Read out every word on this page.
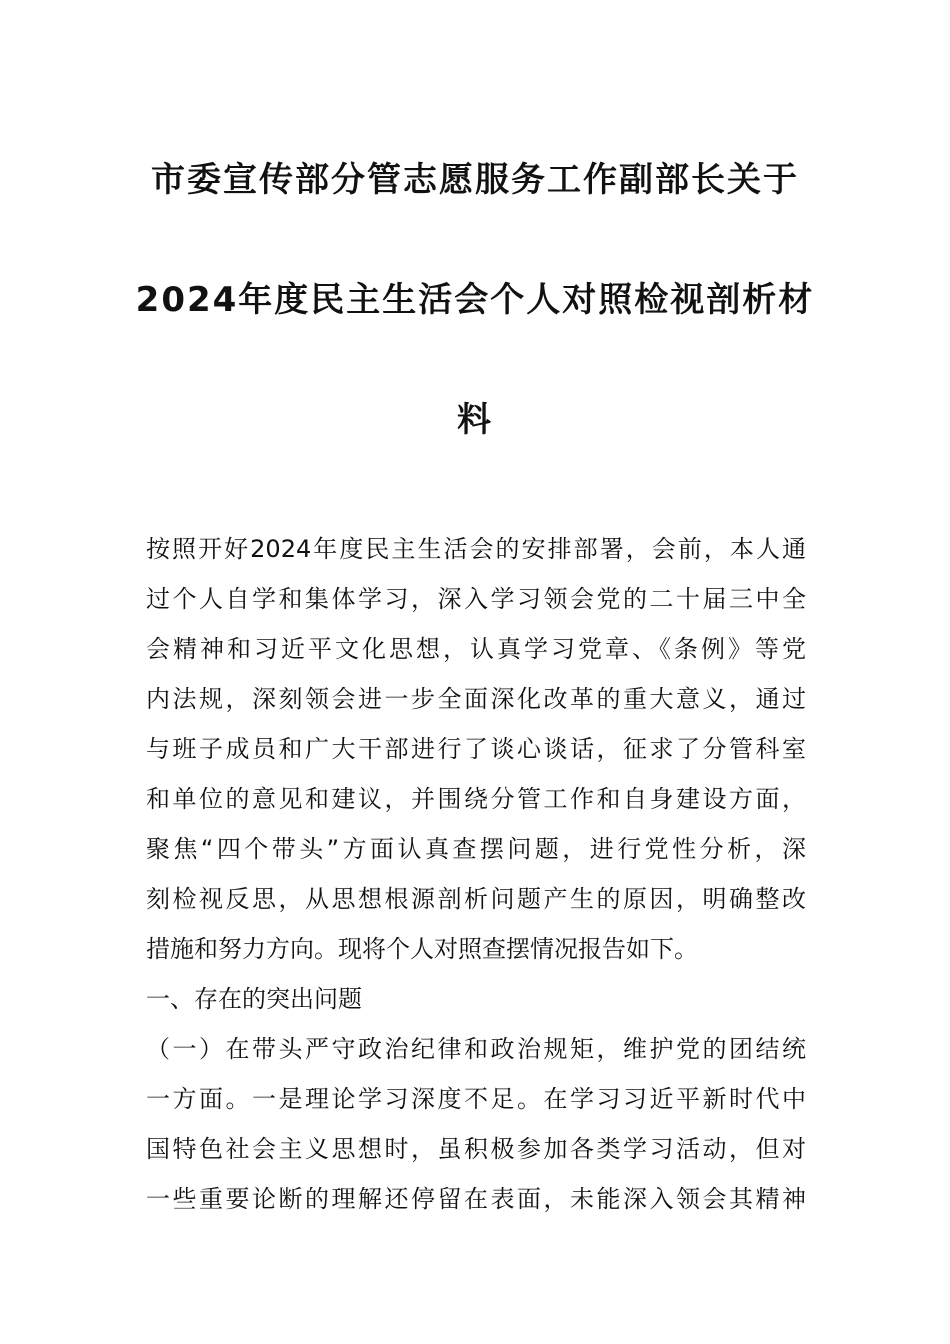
市委宣传部分管志愿服务工作副部长关于
2024年度民主生活会个人对照检视剖析材
料
按照开好2024年度民主生活会的安排部署，会前，本人通
过个人自学和集体学习，深入学习领会党的二十届三中全
会精神和习近平文化思想，认真学习党章、《条例》等党
内法规，深刻领会进一步全面深化改革的重大意义，通过
与班子成员和广大干部进行了谈心谈话，征求了分管科室
和单位的意见和建议，并围绕分管工作和自身建设方面，
聚焦“四个带头”方面认真查摆问题，进行党性分析，深
刻检视反思，从思想根源剖析问题产生的原因，明确整改
措施和努力方向。现将个人对照查摆情况报告如下。
一、存在的突出问题
（一）在带头严守政治纪律和政治规矩，维护党的团结统
一方面。一是理论学习深度不足。在学习习近平新时代中
国特色社会主义思想时，虽积极参加各类学习活动，但对
一些重要论断的理解还停留在表面，未能深入领会其精神
